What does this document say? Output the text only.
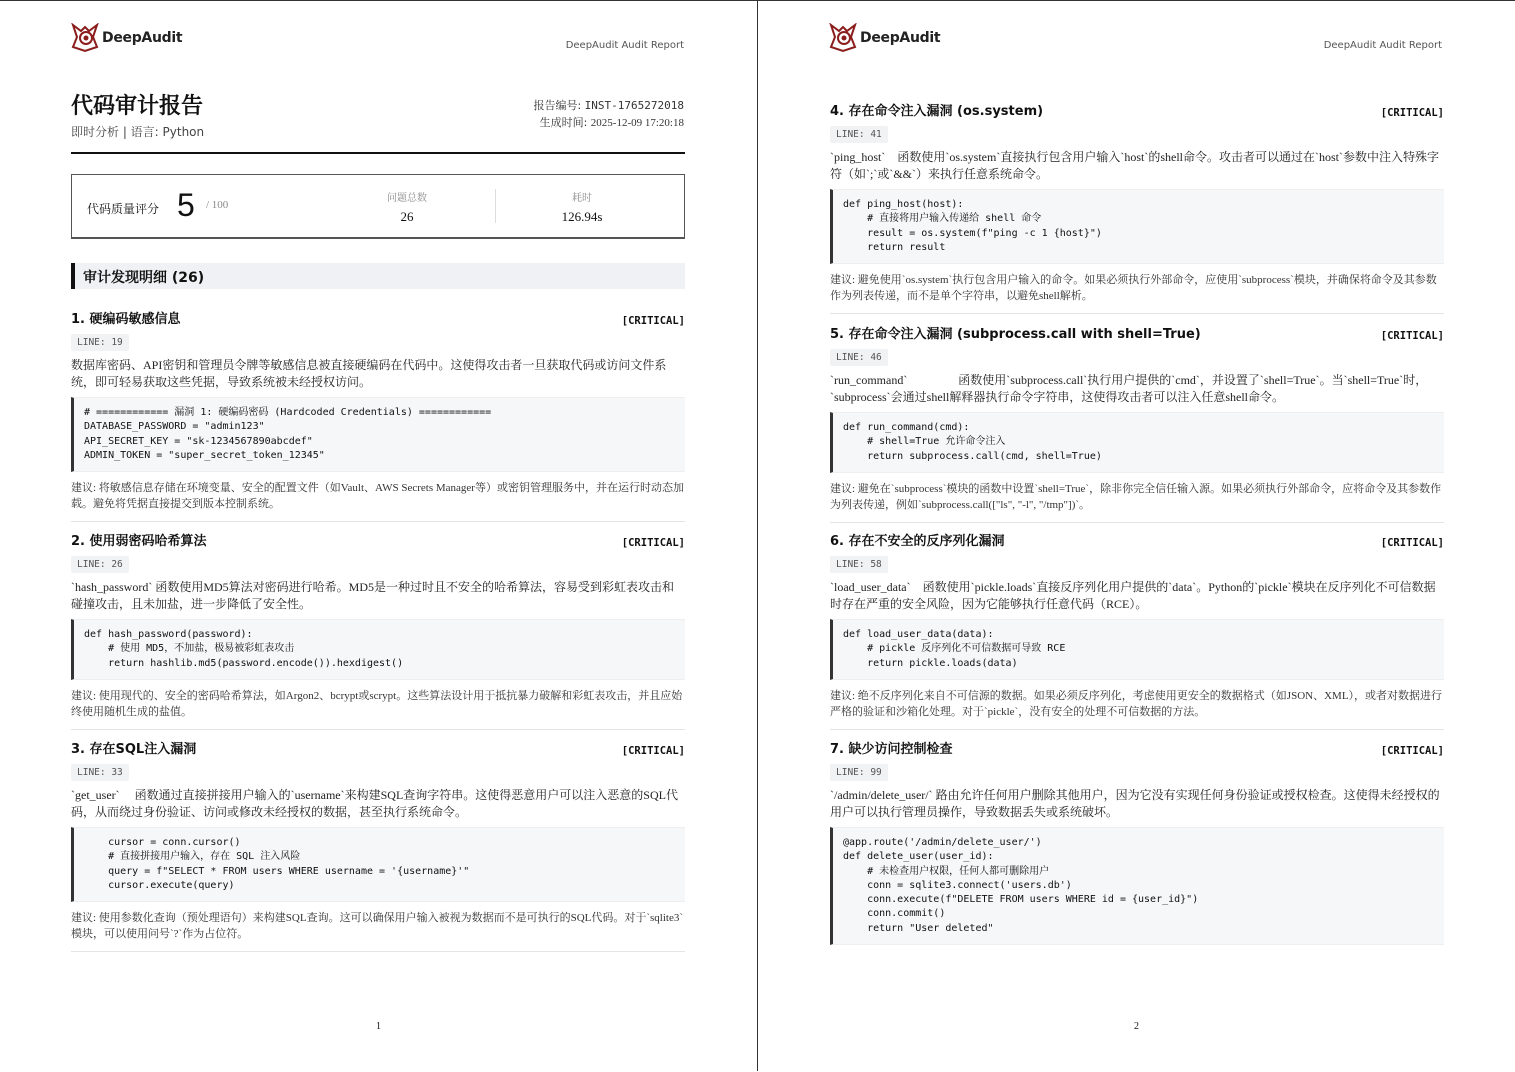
DeepAudit	DeepAudit Audit Report
代码审计报告
即时分析 | 语言: Python
报告编号: INST-1765272018
生成时间: 2025-12-09 17:20:18
代码质量评分 5 / 100
问题总数
26
耗时
126.94s
审计发现明细 (26)
1
1. 硬编码敏感信息	[CRITICAL]
LINE: 19
数据库密码、API密钥和管理员令牌等敏感信息被直接硬编码在代码中。这使得攻击者一旦获取代码或访问文件系统，即可轻易获取这些凭据，导致系统被未经授权访问。
# ============ 漏洞 1: 硬编码密码 (Hardcoded Credentials) ============
DATABASE_PASSWORD = "admin123"
API_SECRET_KEY = "sk-1234567890abcdef"
ADMIN_TOKEN = "super_secret_token_12345"
建议: 将敏感信息存储在环境变量、安全的配置文件（如Vault、AWS Secrets Manager等）或密钥管理服务中，并在运行时动态加载。避免将凭据直接提交到版本控制系统。
2. 使用弱密码哈希算法	[CRITICAL]
LINE: 26
`hash_password` 函数使用MD5算法对密码进行哈希。MD5是一种过时且不安全的哈希算法，容易受到彩虹表攻击和碰撞攻击，且未加盐，进一步降低了安全性。
def hash_password(password):
# 使用 MD5，不加盐，极易被彩虹表攻击
return hashlib.md5(password.encode()).hexdigest()
建议: 使用现代的、安全的密码哈希算法，如Argon2、bcrypt或scrypt。这些算法设计用于抵抗暴力破解和彩虹表攻击，并且应始终使用随机生成的盐值。
3. 存在SQL注入漏洞	[CRITICAL]
LINE: 33
`get_user`　 函数通过直接拼接用户输入的`username`来构建SQL查询字符串。这使得恶意用户可以注入恶意的SQL代码，从而绕过身份验证、访问或修改未经授权的数据，甚至执行系统命令。
cursor = conn.cursor()
# 直接拼接用户输入，存在 SQL 注入风险
query = f"SELECT * FROM users WHERE username = '{username}'"
cursor.execute(query)
建议: 使用参数化查询（预处理语句）来构建SQL查询。这可以确保用户输入被视为数据而不是可执行的SQL代码。对于`sqlite3`模块，可以使用问号`?`作为占位符。
DeepAudit	DeepAudit Audit Report
2
4. 存在命令注入漏洞 (os.system)	[CRITICAL]
LINE: 41
`ping_host`　函数使用`os.system`直接执行包含用户输入`host`的shell命令。攻击者可以通过在`host`参数中注入特殊字符（如`;`或`&&`）来执行任意系统命令。
def ping_host(host):
# 直接将用户输入传递给 shell 命令
result = os.system(f"ping -c 1 {host}")
return result
建议: 避免使用`os.system`执行包含用户输入的命令。如果必须执行外部命令，应使用`subprocess`模块，并确保将命令及其参数作为列表传递，而不是单个字符串，以避免shell解析。
5. 存在命令注入漏洞 (subprocess.call with shell=True)	[CRITICAL]
LINE: 46
`run_command`　　　　 函数使用`subprocess.call`执行用户提供的`cmd`，并设置了`shell=True`。当`shell=True`时，`subprocess`会通过shell解释器执行命令字符串，这使得攻击者可以注入任意shell命令。
def run_command(cmd):
# shell=True 允许命令注入
return subprocess.call(cmd, shell=True)
建议: 避免在`subprocess`模块的函数中设置`shell=True`，除非你完全信任输入源。如果必须执行外部命令，应将命令及其参数作为列表传递，例如`subprocess.call(["ls", "-l", "/tmp"])`。
6. 存在不安全的反序列化漏洞	[CRITICAL]
LINE: 58
`load_user_data`　函数使用`pickle.loads`直接反序列化用户提供的`data`。Python的`pickle`模块在反序列化不可信数据时存在严重的安全风险，因为它能够执行任意代码（RCE）。
def load_user_data(data):
# pickle 反序列化不可信数据可导致 RCE
return pickle.loads(data)
建议: 绝不反序列化来自不可信源的数据。如果必须反序列化，考虑使用更安全的数据格式（如JSON、XML），或者对数据进行严格的验证和沙箱化处理。对于`pickle`，没有安全的处理不可信数据的方法。
7. 缺少访问控制检查	[CRITICAL]
LINE: 99
`/admin/delete_user/` 路由允许任何用户删除其他用户，因为它没有实现任何身份验证或授权检查。这使得未经授权的用户可以执行管理员操作，导致数据丢失或系统破坏。
@app.route('/admin/delete_user/')
def delete_user(user_id):
# 未检查用户权限，任何人都可删除用户
conn = sqlite3.connect('users.db')
conn.execute(f"DELETE FROM users WHERE id = {user_id}")
conn.commit()
return "User deleted"
